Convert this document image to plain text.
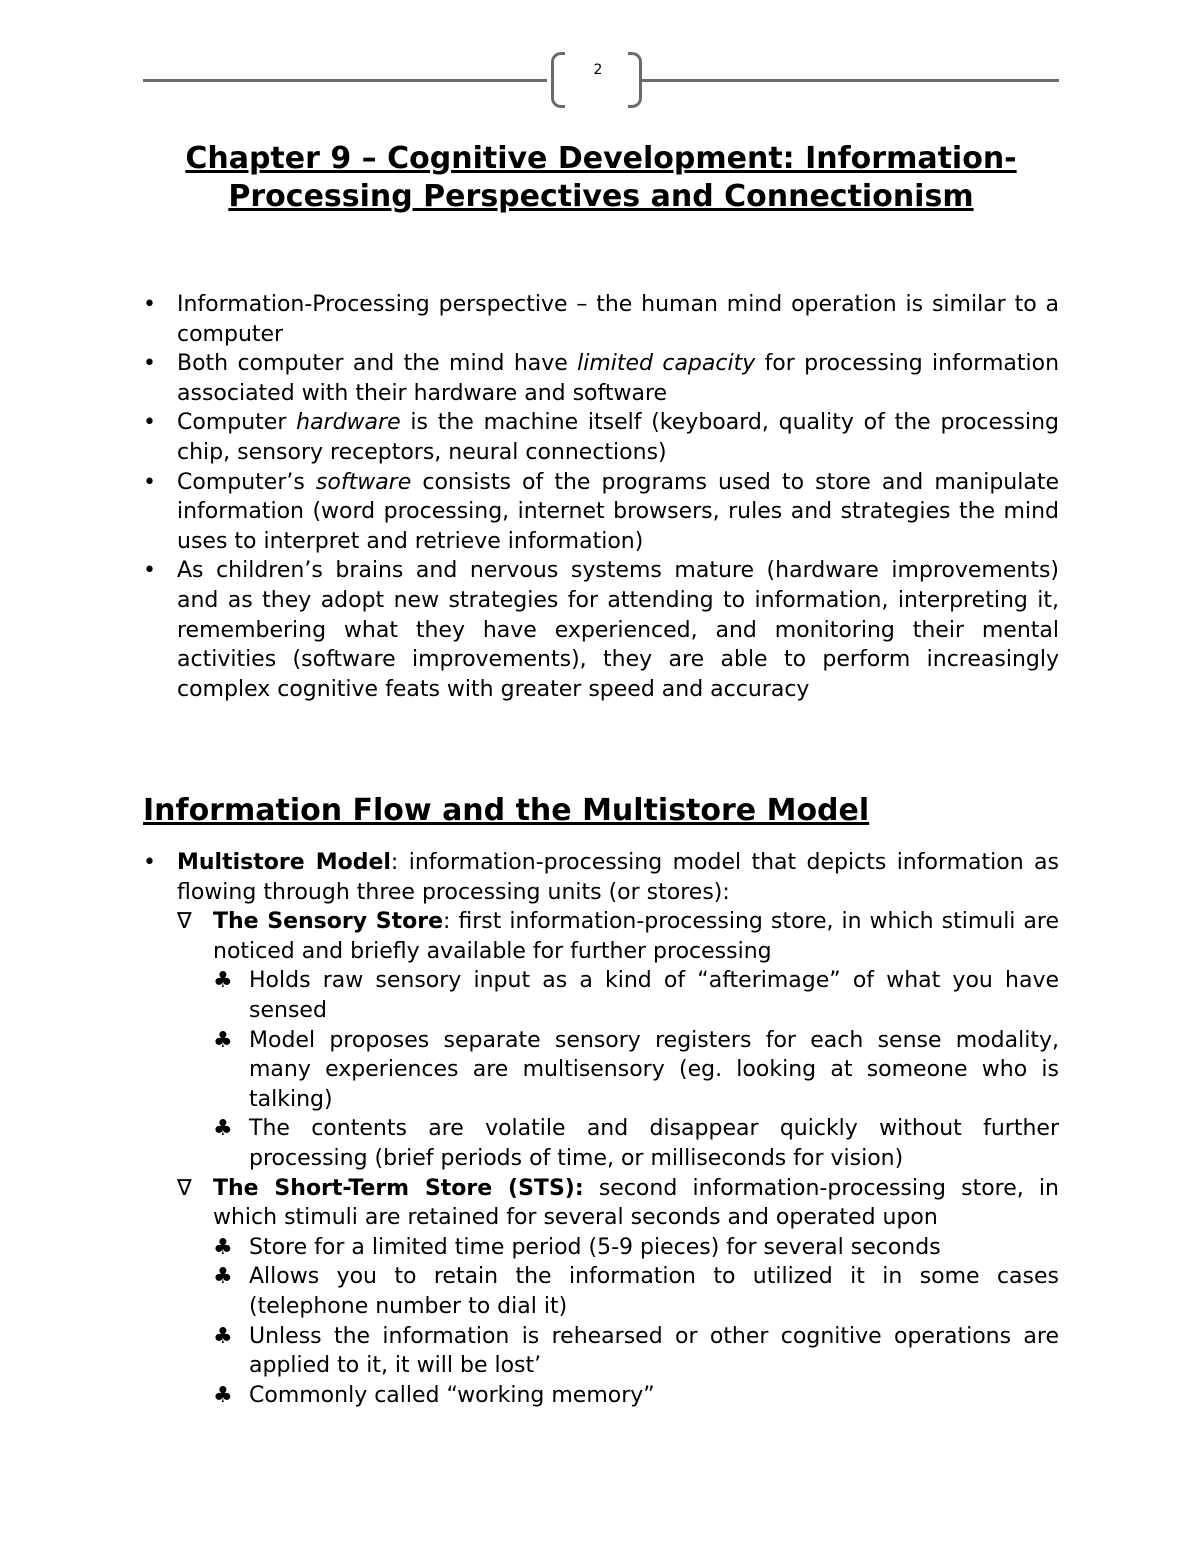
2
Chapter 9 – Cognitive Development: Information-
Processing Perspectives and Connectionism
• Information-Processing perspective – the human mind operation is similar to a computer
• Both computer and the mind have limited capacity for processing information associated with their hardware and software
• Computer hardware is the machine itself (keyboard, quality of the processing chip, sensory receptors, neural connections)
• Computer’s software consists of the programs used to store and manipulate information (word processing, internet browsers, rules and strategies the mind uses to interpret and retrieve information)
• As children’s brains and nervous systems mature (hardware improvements) and as they adopt new strategies for attending to information, interpreting it, remembering what they have experienced, and monitoring their mental activities (software improvements), they are able to perform increasingly complex cognitive feats with greater speed and accuracy
Information Flow and the Multistore Model
• Multistore Model: information-processing model that depicts information as flowing through three processing units (or stores):
∇ The Sensory Store: first information-processing store, in which stimuli are noticed and briefly available for further processing
♣ Holds raw sensory input as a kind of “afterimage” of what you have sensed
♣ Model proposes separate sensory registers for each sense modality, many experiences are multisensory (eg. looking at someone who is talking)
♣ The contents are volatile and disappear quickly without further processing (brief periods of time, or milliseconds for vision)
∇ The Short-Term Store (STS): second information-processing store, in which stimuli are retained for several seconds and operated upon
♣ Store for a limited time period (5-9 pieces) for several seconds
♣ Allows you to retain the information to utilized it in some cases (telephone number to dial it)
♣ Unless the information is rehearsed or other cognitive operations are applied to it, it will be lost’
♣ Commonly called “working memory”
